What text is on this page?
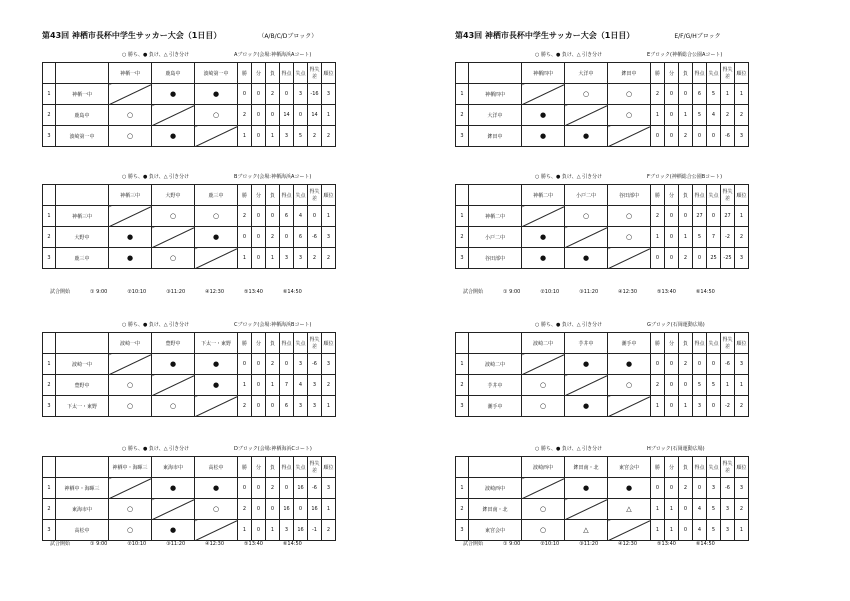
第43回 神栖市長杯中学生サッカー大会（1日目）	（A/B/C/Dブロック）
○ 勝ち、● 負け、△ 引き分け	Aブロック(会場:神栖海浜Aコート)
		神栖一中	鹿島中	波崎第一中	勝	分	負	得点	失点	得失差	順位
1	神栖一中		●	●	0	0	2	0	3	-16	3
2	鹿島中	○		○	2	0	0	14	0	14	1
3	波崎第一中	○	●		1	0	1	3	5	2	2
○ 勝ち、● 負け、△ 引き分け	Bブロック(会場:神栖海浜Aコート)
		神栖三中	大野中	鹿三中	勝	分	負	得点	失点	得失差	順位
1	神栖三中		○	○	2	0	0	6	4	0	1
2	大野中	●		●	0	0	2	0	6	-6	3
3	鹿三中	●	○		1	0	1	3	3	2	2
○ 勝ち、● 負け、△ 引き分け	Cブロック(会場:神栖海浜Bコート)
		波崎一中	豊野中	下太一・東野	勝	分	負	得点	失点	得失差	順位
1	波崎一中		●	●	0	0	2	0	3	-6	3
2	豊野中	○		●	1	0	1	7	4	3	2
3	下太一・東野	○	○		2	0	0	6	3	3	1
○ 勝ち、● 負け、△ 引き分け	Dブロック(会場:神栖海浜Cコート)
		神栖中・海暉三	東海市中	高松中	勝	分	負	得点	失点	得失差	順位
1	神栖中・海暉三		●	●	0	0	2	0	16	-6	3
2	東海市中	○		○	2	0	0	16	0	16	1
3	高松中	○	●		1	0	1	3	16	-1	2
試合開始	① 9:00	②10:10	③11:20	④12:30	⑤13:40	⑥14:50
試合開始	① 9:00	②10:10	③11:20	④12:30	⑤13:40	⑥14:50
第43回 神栖市長杯中学生サッカー大会（1日目）	E/F/G/Hブロック
○ 勝ち、● 負け、△ 引き分け	Eブロック(神栖総合公園Aコート)
		神栖四中	大洋中	鉾田中	勝	分	負	得点	失点	得失差	順位
1	神栖四中		○	○	2	0	0	6	5	1	1
2	大洋中	●		○	1	0	1	5	4	2	2
3	鉾田中	●	●		0	0	2	0	0	-6	3
○ 勝ち、● 負け、△ 引き分け	Fブロック(神栖総合公園Bコート)
		神栖二中	小戸二中	谷田部中	勝	分	負	得点	失点	得失差	順位
1	神栖二中		○	○	2	0	0	27	0	27	1
2	小戸二中	●		○	1	0	1	5	7	-2	2
3	谷田部中	●	●		0	0	2	0	25	-25	3
○ 勝ち、● 負け、△ 引き分け	Gブロック(石岡運動広場)
		波崎二中	芋井中	潮手中	勝	分	負	得点	失点	得失差	順位
1	波崎二中		●	●	0	0	2	0	0	-6	3
2	芋井中	○		○	2	0	0	5	5	1	1
3	潮手中	○	●		1	0	1	3	0	-2	2
○ 勝ち、● 負け、△ 引き分け	Hブロック(石岡運動広場)
		波崎西中	鉾田南・北	東宮会中	勝	分	負	得点	失点	得失差	順位
1	波崎西中		●	●	0	0	2	0	3	-6	3
2	鉾田南・北	○		△	1	1	0	4	5	3	2
3	東宮会中	○	△		1	1	0	4	5	3	1
試合開始	① 9:00	②10:10	③11:20	④12:30	⑤13:40	⑥14:50
試合開始	① 9:00	②10:10	③11:20	④12:30	⑤13:40	⑥14:50
